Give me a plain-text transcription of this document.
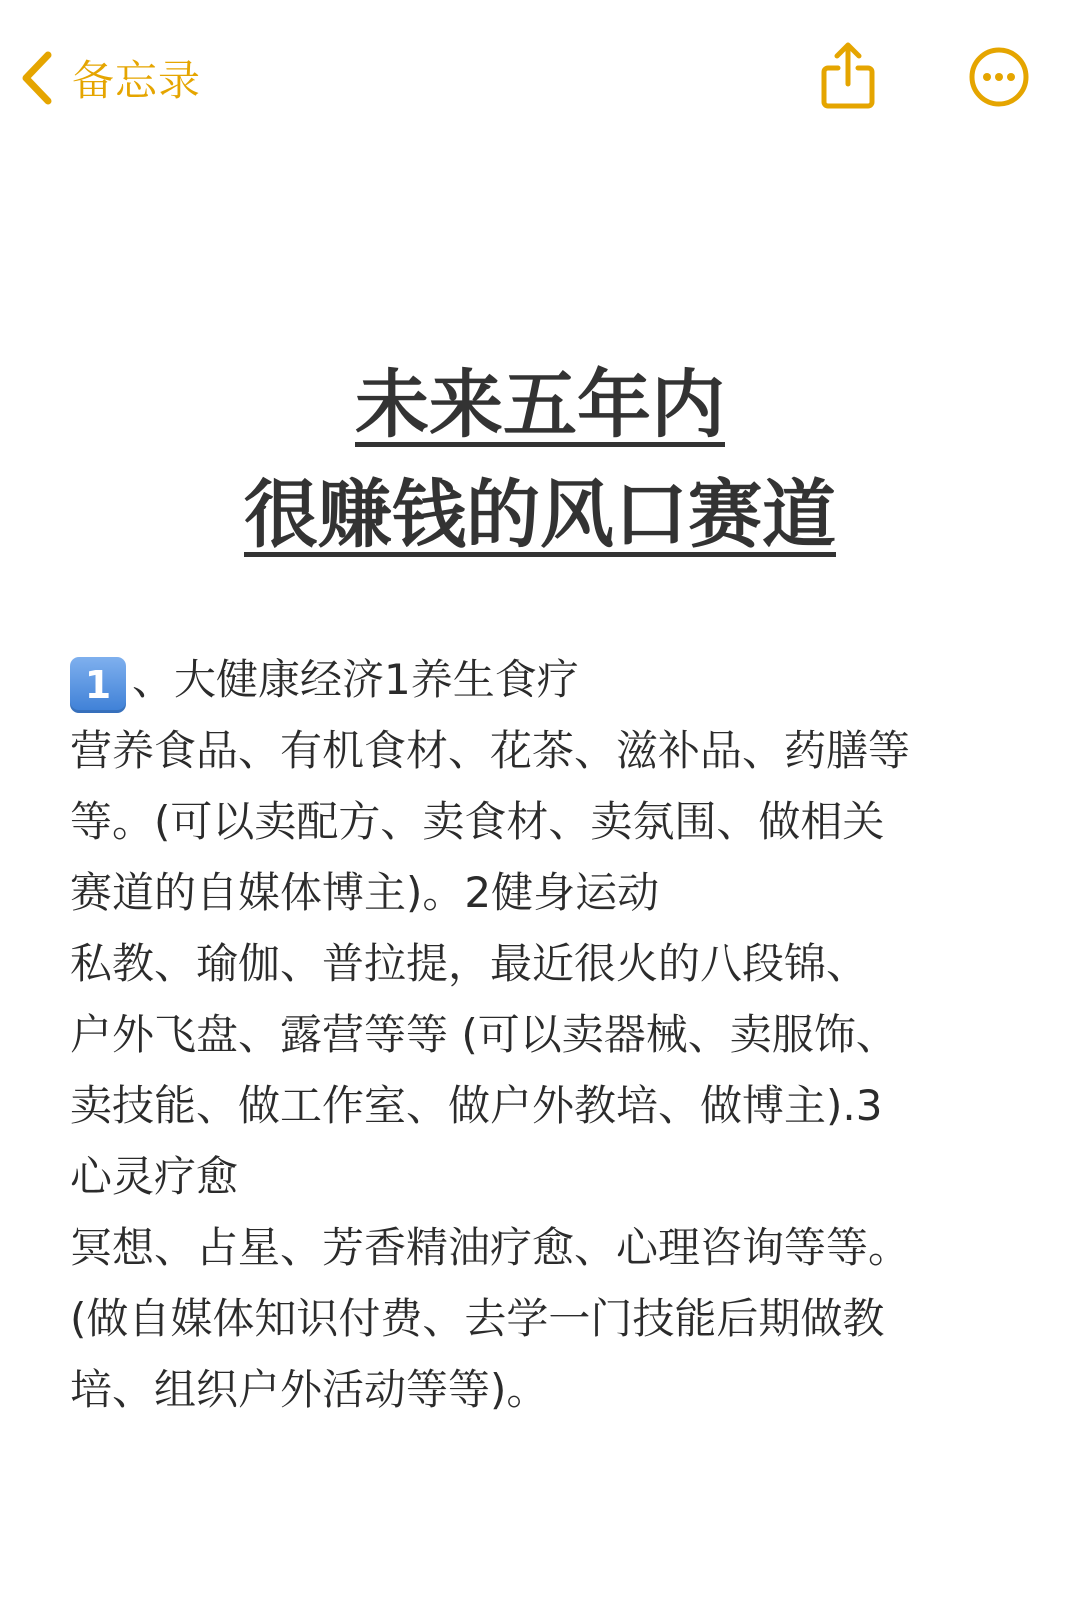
备忘录
未来五年内
很赚钱的风口赛道
1 、大健康经济1养生食疗
营养食品、有机食材、花茶、滋补品、药膳等
等。(可以卖配方、卖食材、卖氛围、做相关
赛道的自媒体博主)。2健身运动
私教、瑜伽、普拉提，最近很火的八段锦、
户外飞盘、露营等等 (可以卖器械、卖服饰、
卖技能、做工作室、做户外教培、做博主).3
心灵疗愈
冥想、占星、芳香精油疗愈、心理咨询等等。
(做自媒体知识付费、去学一门技能后期做教
培、组织户外活动等等)。
